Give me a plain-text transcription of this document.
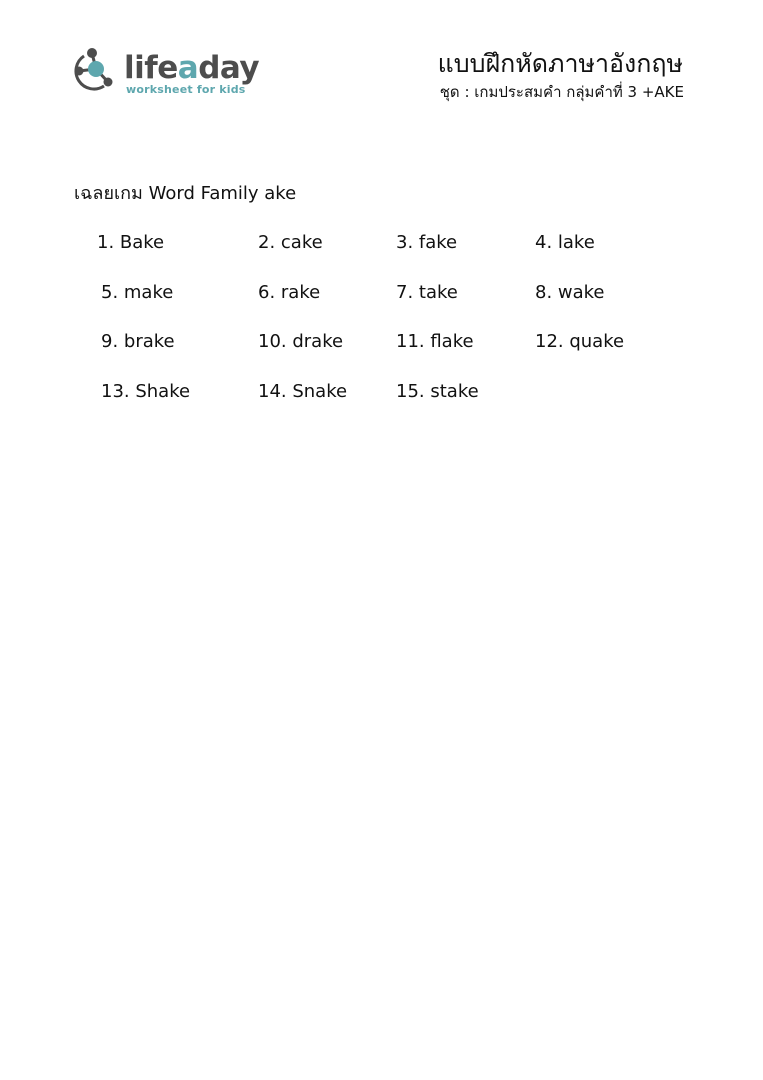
lifeaday
worksheet for kids
แบบฝึกหัดภาษาอังกฤษ
ชุด : เกมประสมคำ กลุ่มคำที่ 3 +AKE
เฉลยเกม Word Family ake
1. Bake	2. cake	3. fake	4. lake
5. make	6. rake	7. take	8. wake
9. brake	10. drake	11. flake	12. quake
13. Shake	14. Snake	15. stake
